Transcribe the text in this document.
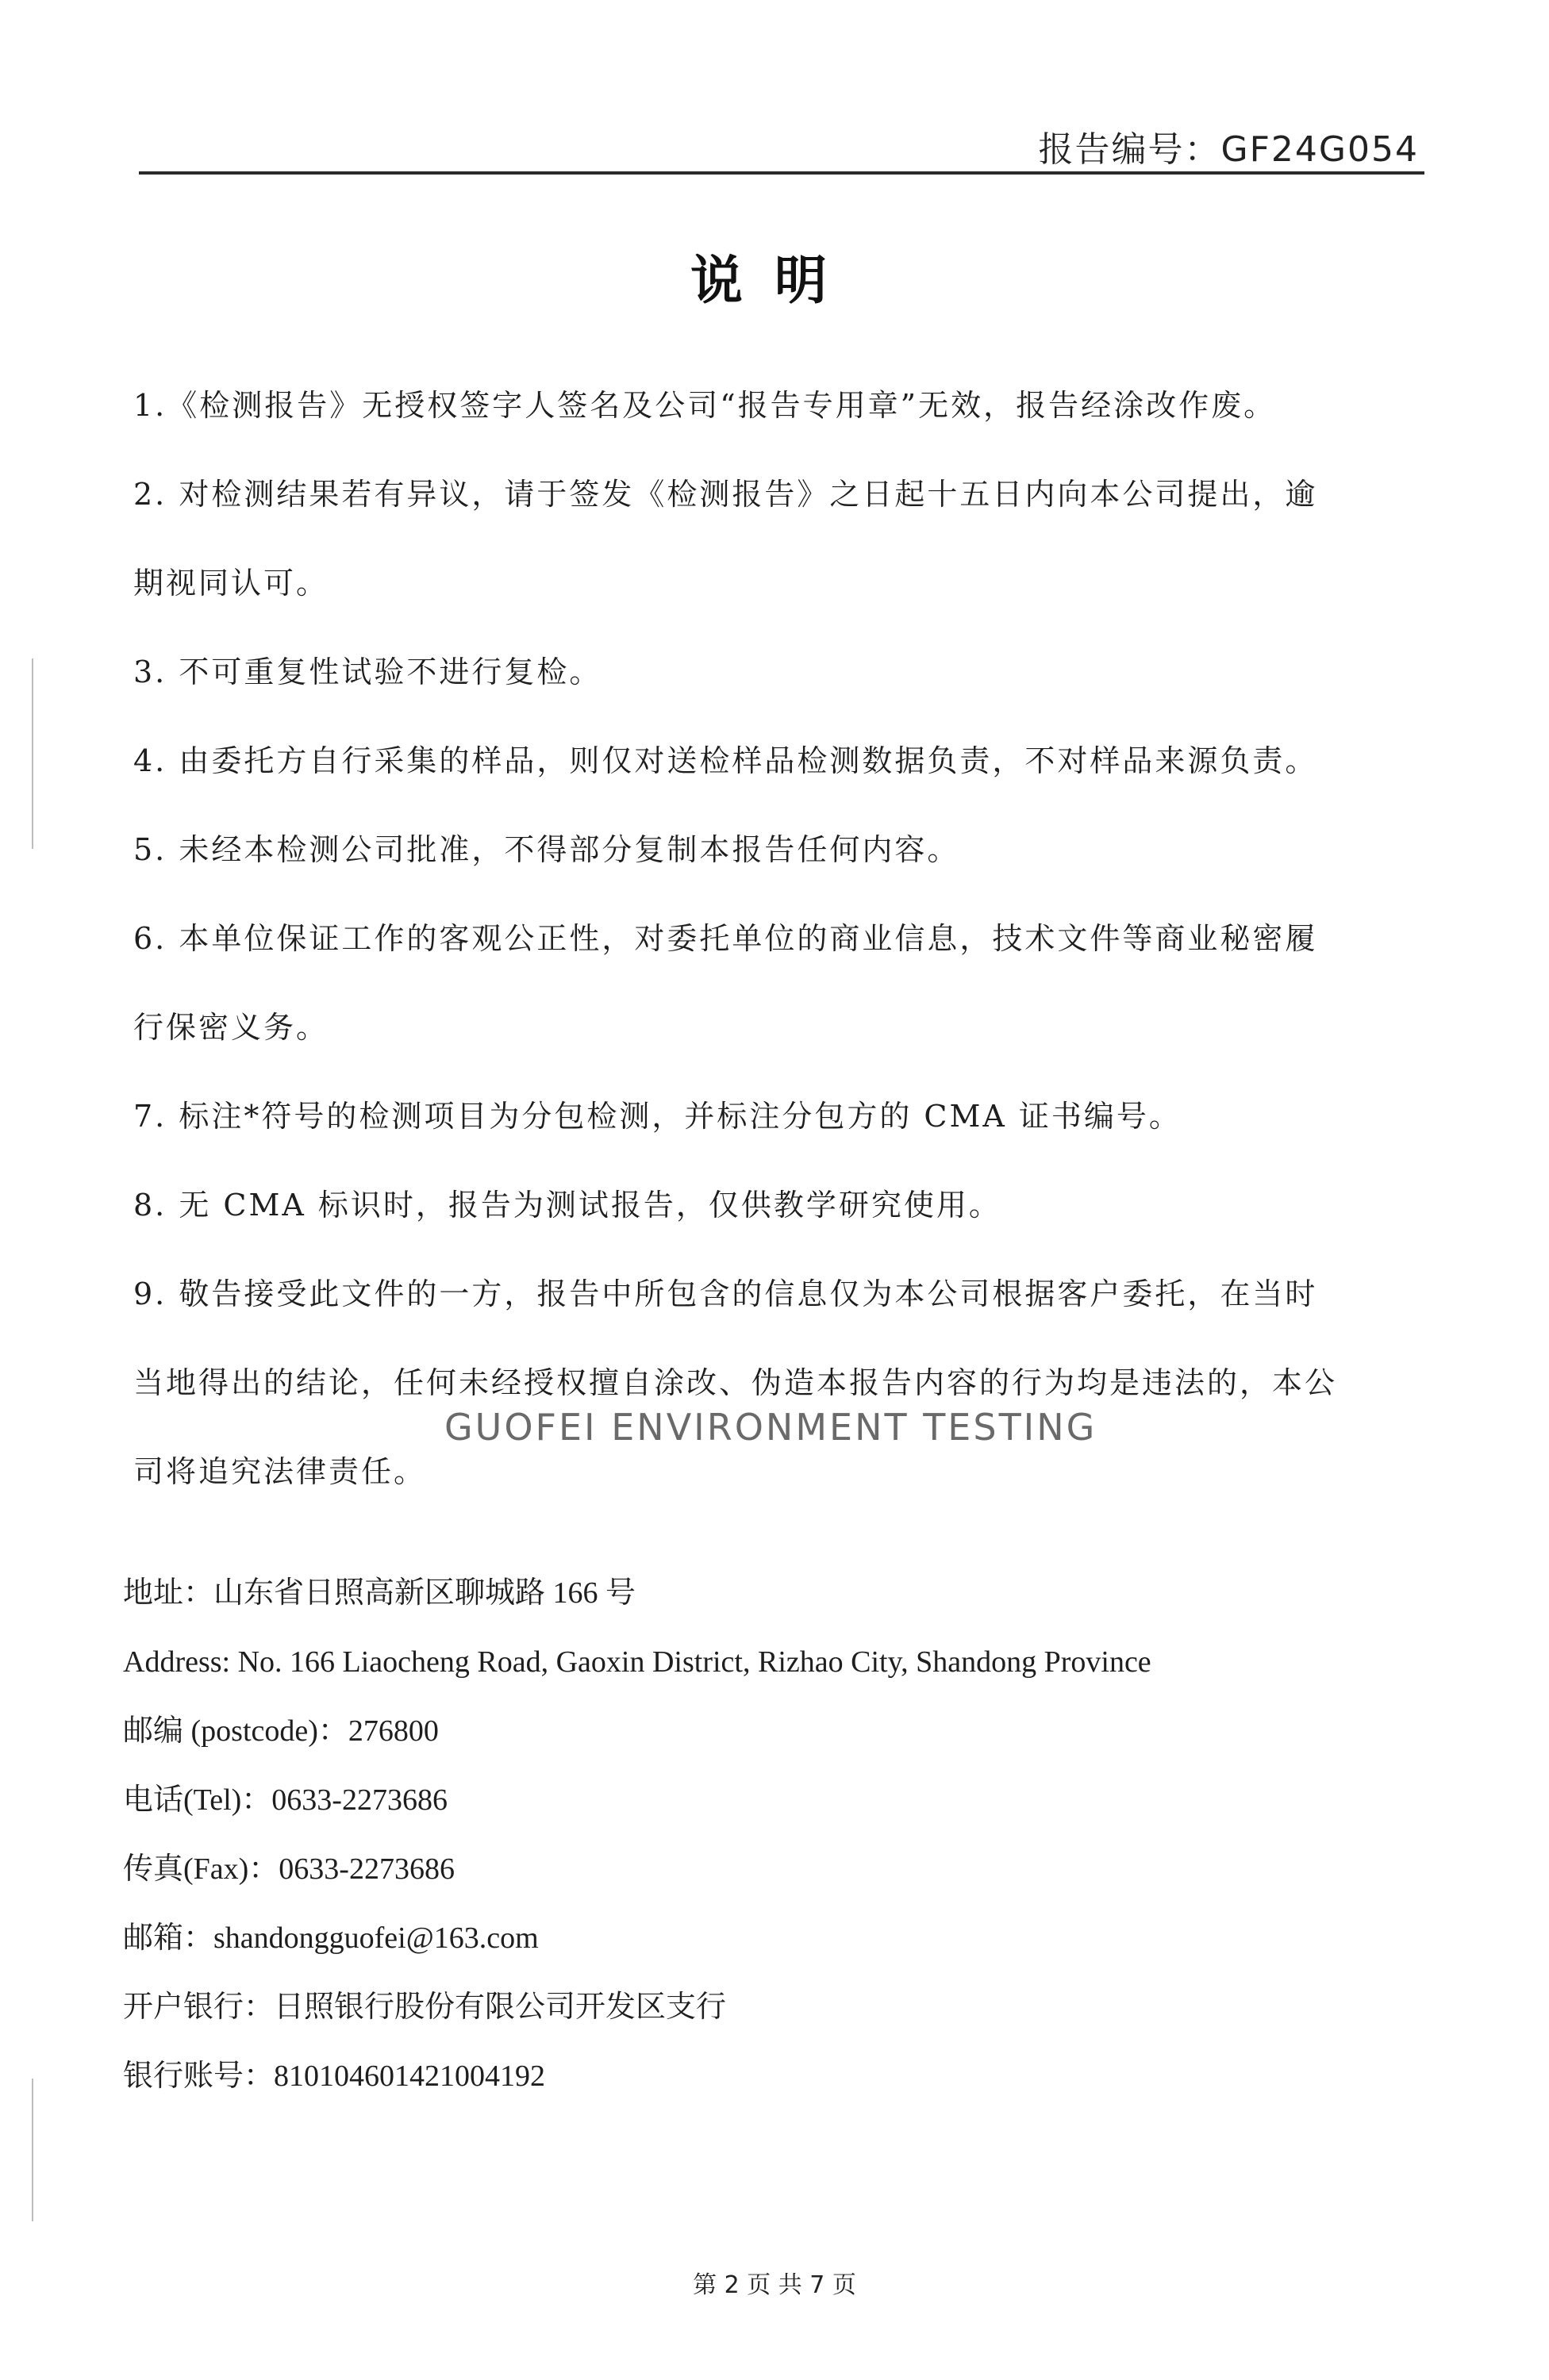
报告编号：GF24G054
说明
1.《检测报告》无授权签字人签名及公司“报告专用章”无效，报告经涂改作废。
2. 对检测结果若有异议，请于签发《检测报告》之日起十五日内向本公司提出，逾
期视同认可。
3. 不可重复性试验不进行复检。
4. 由委托方自行采集的样品，则仅对送检样品检测数据负责，不对样品来源负责。
5. 未经本检测公司批准，不得部分复制本报告任何内容。
6. 本单位保证工作的客观公正性，对委托单位的商业信息，技术文件等商业秘密履
行保密义务。
7. 标注*符号的检测项目为分包检测，并标注分包方的 CMA 证书编号。
8. 无 CMA 标识时，报告为测试报告，仅供教学研究使用。
9. 敬告接受此文件的一方，报告中所包含的信息仅为本公司根据客户委托，在当时
当地得出的结论，任何未经授权擅自涂改、伪造本报告内容的行为均是违法的，本公
司将追究法律责任。
GUOFEI ENVIRONMENT TESTING
地址：山东省日照高新区聊城路 166 号
Address: No. 166 Liaocheng Road, Gaoxin District, Rizhao City, Shandong Province
邮编 (postcode)：276800
电话(Tel)：0633-2273686
传真(Fax)：0633-2273686
邮箱：shandongguofei@163.com
开户银行：日照银行股份有限公司开发区支行
银行账号：810104601421004192
第 2 页 共 7 页
